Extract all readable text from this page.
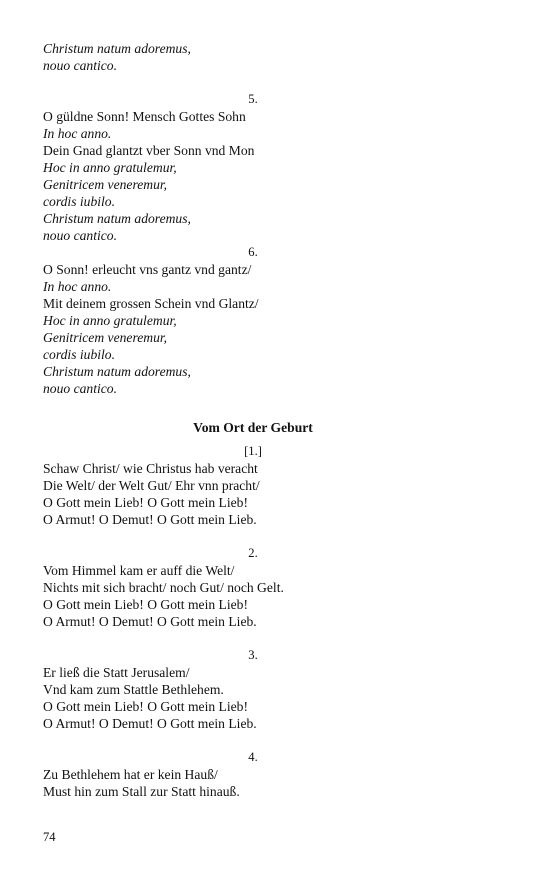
Christum natum adoremus,
nouo cantico.
5.
O güldne Sonn! Mensch Gottes Sohn
In hoc anno.
Dein Gnad glantzt vber Sonn vnd Mon
Hoc in anno gratulemur,
Genitricem veneremur,
cordis iubilo.
Christum natum adoremus,
nouo cantico.
6.
O Sonn! erleucht vns gantz vnd gantz/
In hoc anno.
Mit deinem grossen Schein vnd Glantz/
Hoc in anno gratulemur,
Genitricem veneremur,
cordis iubilo.
Christum natum adoremus,
nouo cantico.
Vom Ort der Geburt
[1.]
Schaw Christ/ wie Christus hab veracht
Die Welt/ der Welt Gut/ Ehr vnn pracht/
O Gott mein Lieb! O Gott mein Lieb!
O Armut! O Demut! O Gott mein Lieb.
2.
Vom Himmel kam er auff die Welt/
Nichts mit sich bracht/ noch Gut/ noch Gelt.
O Gott mein Lieb! O Gott mein Lieb!
O Armut! O Demut! O Gott mein Lieb.
3.
Er ließ die Statt Jerusalem/
Vnd kam zum Stattle Bethlehem.
O Gott mein Lieb! O Gott mein Lieb!
O Armut! O Demut! O Gott mein Lieb.
4.
Zu Bethlehem hat er kein Hauß/
Must hin zum Stall zur Statt hinauß.
74
